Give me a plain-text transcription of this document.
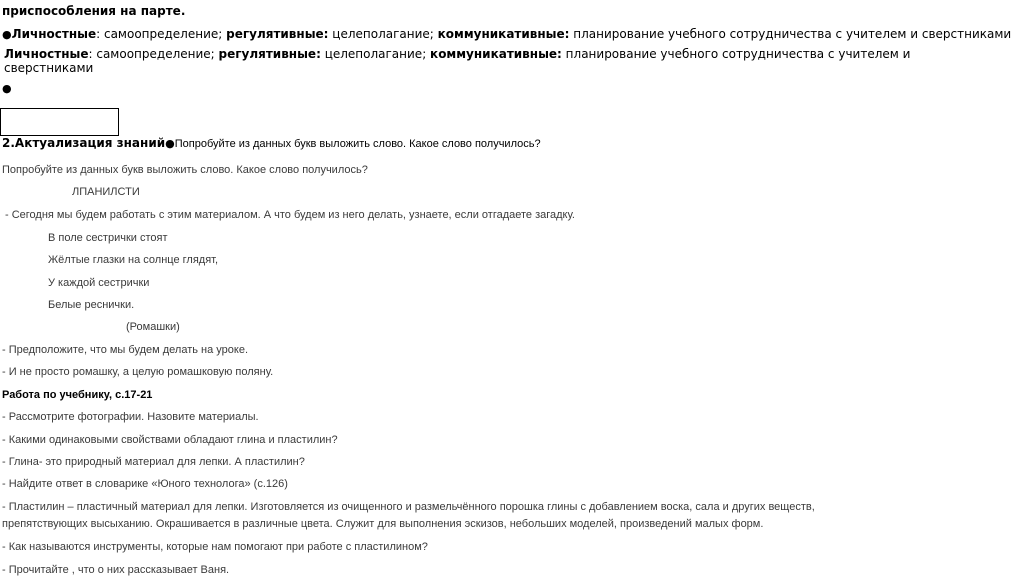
приспособления на парте.
●Личностные: самоопределение; регулятивные: целеполагание; коммуникативные: планирование учебного сотрудничества с учителем и сверстниками
Личностные: самоопределение; регулятивные: целеполагание; коммуникативные: планирование учебного сотрудничества с учителем и
сверстниками
●
2.Актуализация знаний●Попробуйте из данных букв выложить слово. Какое слово получилось?
Попробуйте из данных букв выложить слово. Какое слово получилось?
ЛПАНИЛСТИ
- Сегодня мы будем работать с этим материалом. А что будем из него делать, узнаете, если отгадаете загадку.
В поле сестрички стоят
Жёлтые глазки на солнце глядят,
У каждой сестрички
Белые реснички.
(Ромашки)
- Предположите, что мы будем делать на уроке.
- И не просто ромашку, а целую ромашковую поляну.
Работа по учебнику, с.17-21
- Рассмотрите фотографии. Назовите материалы.
- Какими одинаковыми свойствами обладают глина и пластилин?
- Глина- это природный материал для лепки. А пластилин?
- Найдите ответ в словарике «Юного технолога» (с.126)
- Пластилин – пластичный материал для лепки. Изготовляется из очищенного и размельчённого порошка глины с добавлением воска, сала и других веществ,
препятствующих высыханию. Окрашивается в различные цвета. Служит для выполнения эскизов, небольших моделей, произведений малых форм.
- Как называются инструменты, которые нам помогают при работе с пластилином?
- Прочитайте , что о них рассказывает Ваня.
